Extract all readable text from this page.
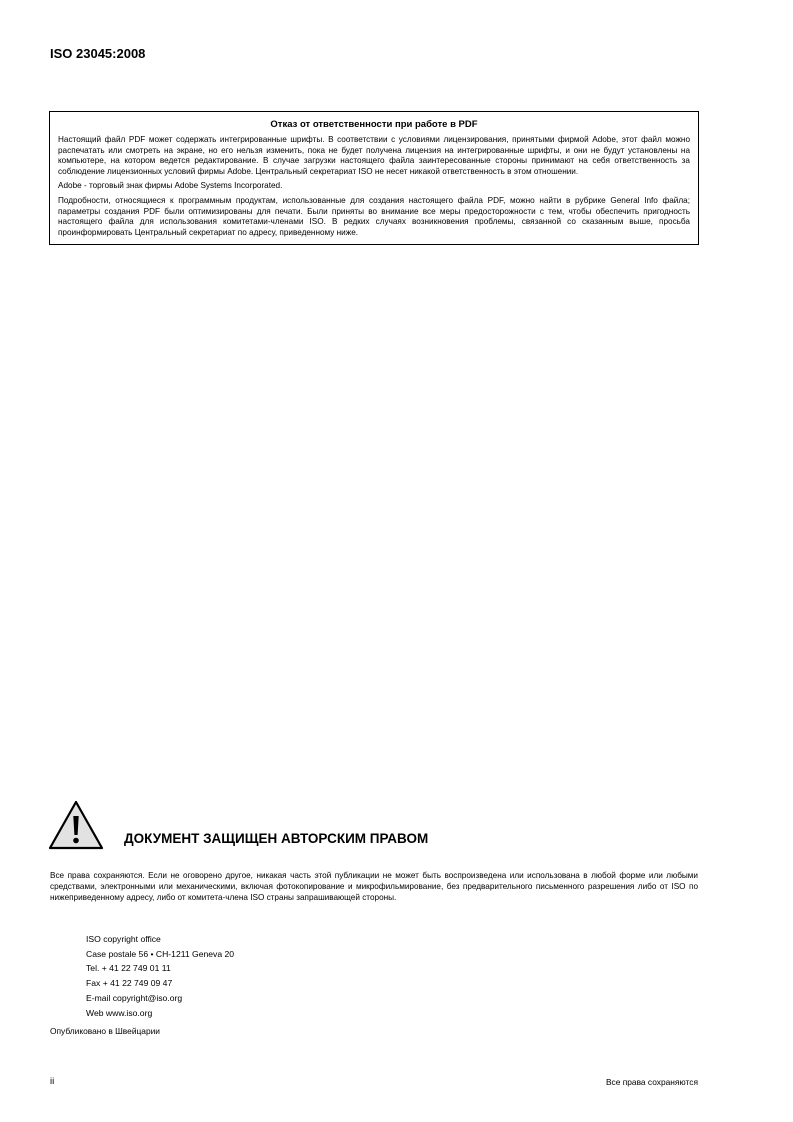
ISO 23045:2008
Отказ от ответственности при работе в PDF

Настоящий файл PDF может содержать интегрированные шрифты. В соответствии с условиями лицензирования, принятыми фирмой Adobe, этот файл можно распечатать или смотреть на экране, но его нельзя изменить, пока не будет получена лицензия на интегрированные шрифты, и они не будут установлены на компьютере, на котором ведется редактирование. В случае загрузки настоящего файла заинтересованные стороны принимают на себя ответственность за соблюдение лицензионных условий фирмы Adobe. Центральный секретариат ISO не несет никакой ответственность в этом отношении.

Adobe - торговый знак фирмы Adobe Systems Incorporated.

Подробности, относящиеся к программным продуктам, использованные для создания настоящего файла PDF, можно найти в рубрике General Info файла; параметры создания PDF были оптимизированы для печати. Были приняты во внимание все меры предосторожности с тем, чтобы обеспечить пригодность настоящего файла для использования комитетами-членами ISO. В редких случаях возникновения проблемы, связанной со сказанным выше, просьба проинформировать Центральный секретариат по адресу, приведенному ниже.

ДОКУМЕНТ ЗАЩИЩЕН АВТОРСКИМ ПРАВОМ

Все права сохраняются. Если не оговорено другое, никакая часть этой публикации не может быть воспроизведена или использована в любой форме или любыми средствами, электронными или механическими, включая фотокопирование и микрофильмирование, без предварительного письменного разрешения либо от ISO по нижеприведенному адресу, либо от комитета-члена ISO страны запрашивающей стороны.

ISO copyright office
Case postale 56 • CH-1211 Geneva 20
Tel. + 41 22 749 01 11
Fax + 41 22 749 09 47
E-mail copyright@iso.org
Web www.iso.org
Опубликовано в Швейцарии
ii	Все права сохраняются
